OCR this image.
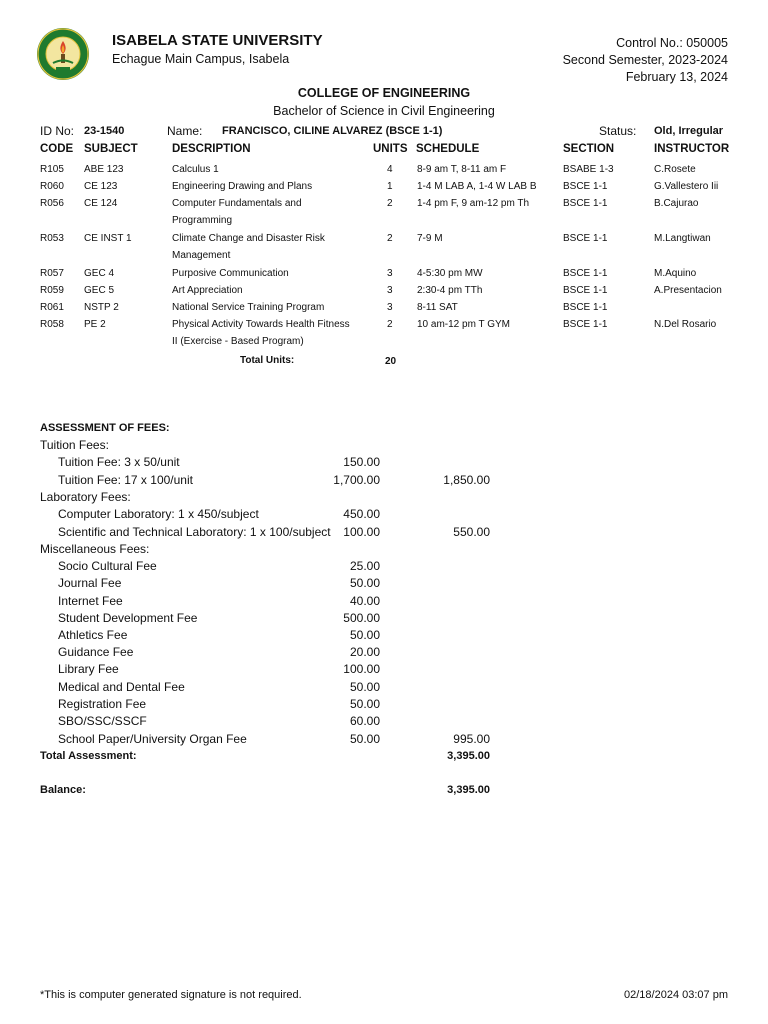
ISABELA STATE UNIVERSITY
Echague Main Campus, Isabela
Control No.: 050005
Second Semester, 2023-2024
February 13, 2024
COLLEGE OF ENGINEERING
Bachelor of Science in Civil Engineering
ID No: 23-1540	Name: FRANCISCO, CILINE ALVAREZ (BSCE 1-1)	Status: Old, Irregular
CODE SUBJECT	DESCRIPTION	UNITS SCHEDULE	SECTION	INSTRUCTOR
R105 ABE 123	Calculus 1	4 8-9 am T, 8-11 am F	BSABE 1-3	C.Rosete
R060 CE 123	Engineering Drawing and Plans	1 1-4 M LAB A, 1-4 W LAB B	BSCE 1-1	G.Vallestero Iii
R056 CE 124	Computer Fundamentals and
Programming
2 1-4 pm F, 9 am-12 pm Th	BSCE 1-1	B.Cajurao
R053 CE INST 1	Climate Change and Disaster Risk
Management
2 7-9 M	BSCE 1-1	M.Langtiwan
R057 GEC 4	Purposive Communication	3 4-5:30 pm MW	BSCE 1-1	M.Aquino
R059 GEC 5	Art Appreciation	3 2:30-4 pm TTh	BSCE 1-1	A.Presentacion
R061 NSTP 2	National Service Training Program	3 8-11 SAT	BSCE 1-1
R058 PE 2	Physical Activity Towards Health Fitness
II (Exercise - Based Program)
2 10 am-12 pm T GYM	BSCE 1-1	N.Del Rosario
Total Units:	20
ASSESSMENT OF FEES:
Tuition Fees:
Tuition Fee: 3 x 50/unit	150.00
Tuition Fee: 17 x 100/unit	1,700.00	1,850.00
Laboratory Fees:
Computer Laboratory: 1 x 450/subject	450.00
Scientific and Technical Laboratory: 1 x 100/subject 100.00	550.00
Miscellaneous Fees:
Socio Cultural Fee	25.00
Journal Fee	50.00
Internet Fee	40.00
Student Development Fee	500.00
Athletics Fee	50.00
Guidance Fee	20.00
Library Fee	100.00
Medical and Dental Fee	50.00
Registration Fee	50.00
SBO/SSC/SSCF	60.00
School Paper/University Organ Fee	50.00	995.00
Total Assessment:	3,395.00
Balance:	3,395.00
*This is computer generated signature is not required.	02/18/2024 03:07 pm
